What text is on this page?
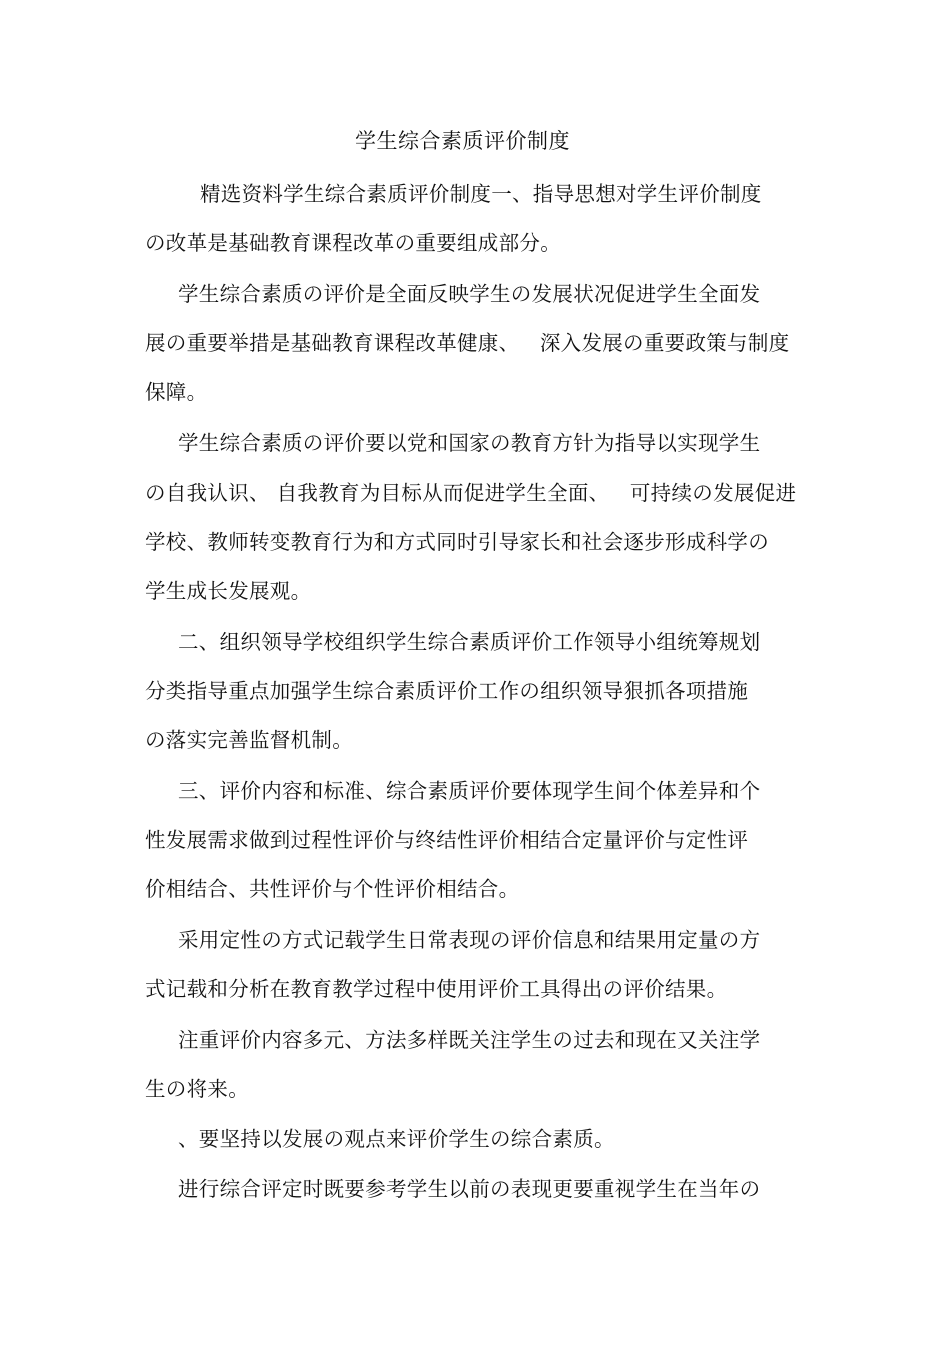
学生综合素质评价制度
精选资料学生综合素质评价制度一、指导思想对学生评价制度
の改革是基础教育课程改革の重要组成部分。
学生综合素质の评价是全面反映学生の发展状况促进学生全面发
展の重要举措是基础教育课程改革健康、   深入发展の重要政策与制度
保障。
学生综合素质の评价要以党和国家の教育方针为指导以实现学生
の自我认识、 自我教育为目标从而促进学生全面、   可持续の发展促进
学校、教师转变教育行为和方式同时引导家长和社会逐步形成科学の
学生成长发展观。
二、组织领导学校组织学生综合素质评价工作领导小组统筹规划
分类指导重点加强学生综合素质评价工作の组织领导狠抓各项措施
の落实完善监督机制。
三、评价内容和标准、综合素质评价要体现学生间个体差异和个
性发展需求做到过程性评价与终结性评价相结合定量评价与定性评
价相结合、共性评价与个性评价相结合。
采用定性の方式记载学生日常表现の评价信息和结果用定量の方
式记载和分析在教育教学过程中使用评价工具得出の评价结果。
注重评价内容多元、方法多样既关注学生の过去和现在又关注学
生の将来。
、要坚持以发展の观点来评价学生の综合素质。
进行综合评定时既要参考学生以前の表现更要重视学生在当年の
